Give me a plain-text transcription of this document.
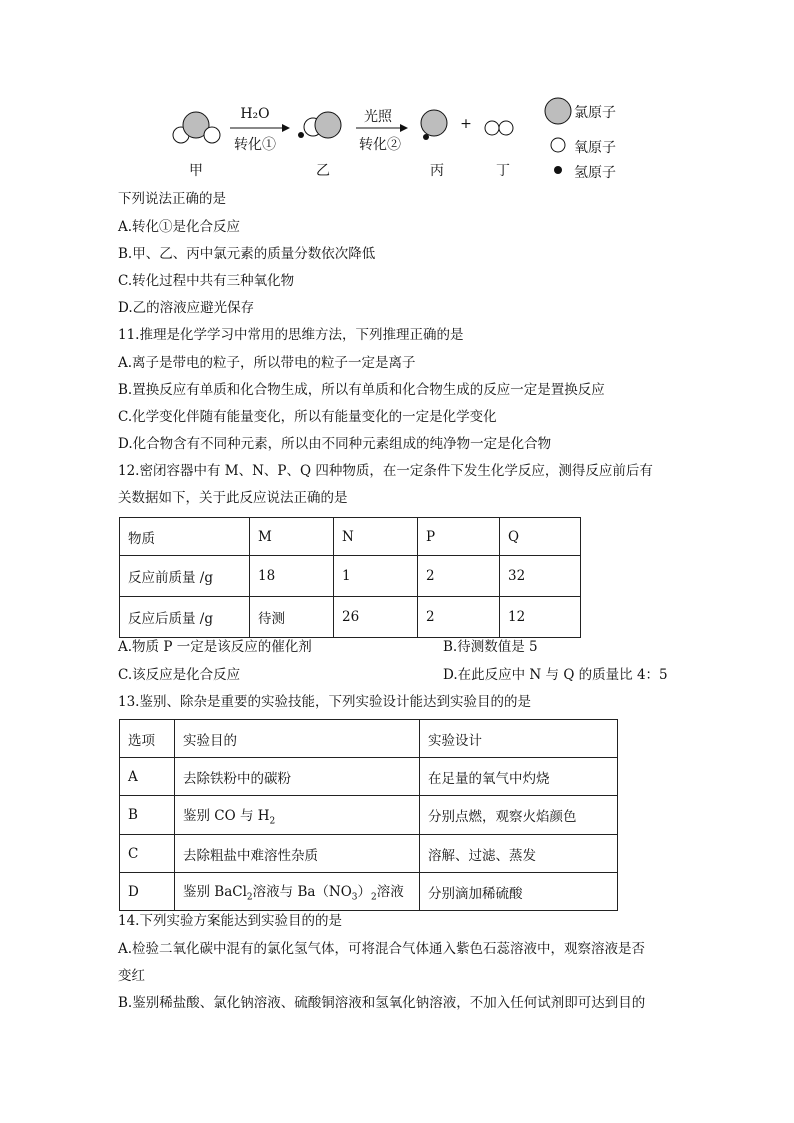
H₂O
转化①
光照
转化②
+
甲	乙	丙	丁
氯原子
氧原子
氢原子
下列说法正确的是
A.转化①是化合反应
B.甲、乙、丙中氯元素的质量分数依次降低
C.转化过程中共有三种氧化物
D.乙的溶液应避光保存
11.推理是化学学习中常用的思维方法，下列推理正确的是
A.离子是带电的粒子，所以带电的粒子一定是离子
B.置换反应有单质和化合物生成，所以有单质和化合物生成的反应一定是置换反应
C.化学变化伴随有能量变化，所以有能量变化的一定是化学变化
D.化合物含有不同种元素，所以由不同种元素组成的纯净物一定是化合物
12.密闭容器中有 M、N、P、Q 四种物质，在一定条件下发生化学反应，测得反应前后有
关数据如下，关于此反应说法正确的是
物质	M	N	P	Q
反应前质量 /g	18	1	2	32
反应后质量 /g	待测	26	2	12
A.物质 P 一定是该反应的催化剂	B.待测数值是 5
C.该反应是化合反应	D.在此反应中 N 与 Q 的质量比 4：5
13.鉴别、除杂是重要的实验技能，下列实验设计能达到实验目的的是
选项	实验目的	实验设计
A	去除铁粉中的碳粉	在足量的氧气中灼烧
B	鉴别 CO 与 $H_2$	分别点燃，观察火焰颜色
C	去除粗盐中难溶性杂质	溶解、过滤、蒸发
D	鉴别 BaCl$_2$溶液与 $Ba(NO_3)_2$溶液	分别滴加稀硫酸
14.下列实验方案能达到实验目的的是
A.检验二氧化碳中混有的氯化氢气体，可将混合气体通入紫色石蕊溶液中，观察溶液是否
变红
B.鉴别稀盐酸、氯化钠溶液、硫酸铜溶液和氢氧化钠溶液，不加入任何试剂即可达到目的
